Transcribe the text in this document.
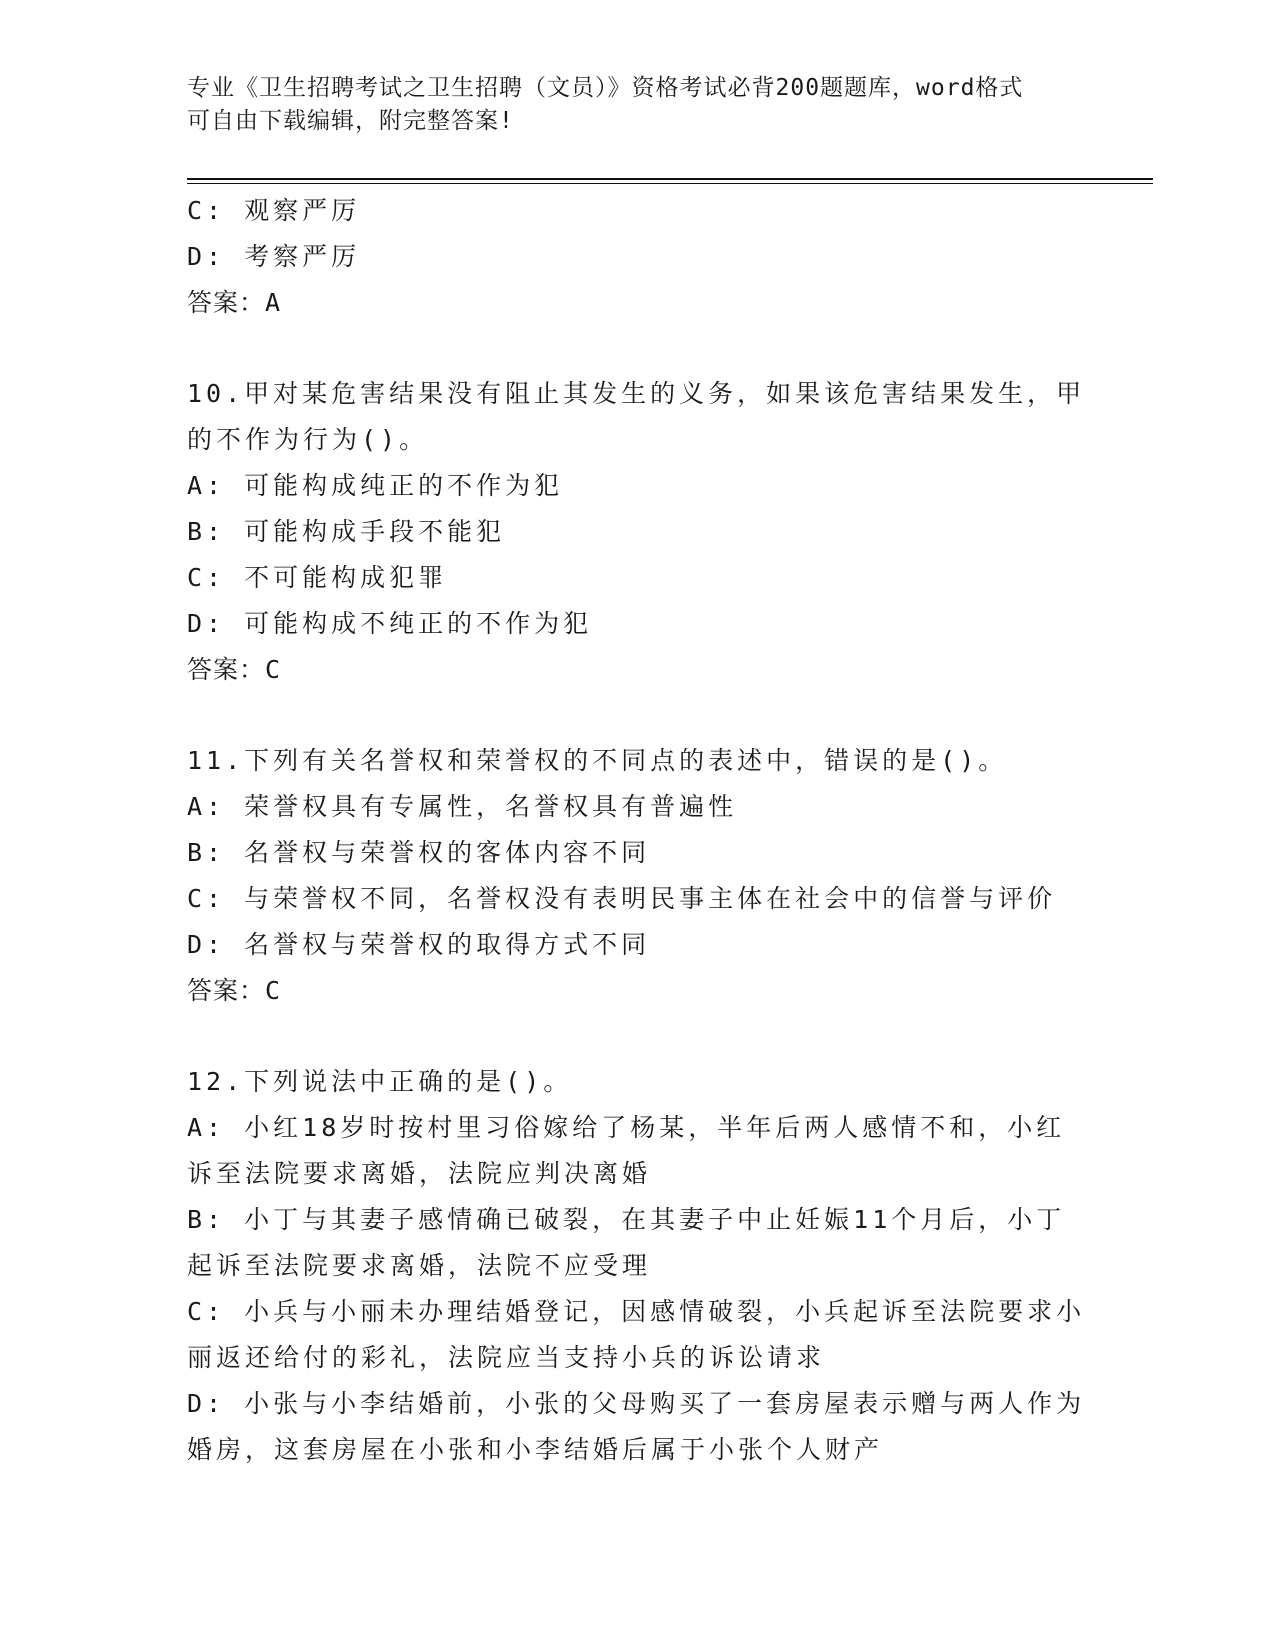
专业《卫生招聘考试之卫生招聘（文员）》资格考试必背200题题库，word格式
可自由下载编辑，附完整答案!
C: 观察严厉
D: 考察严厉
答案：A
10.甲对某危害结果没有阻止其发生的义务，如果该危害结果发生，甲
的不作为行为()。
A: 可能构成纯正的不作为犯
B: 可能构成手段不能犯
C: 不可能构成犯罪
D: 可能构成不纯正的不作为犯
答案：C
11.下列有关名誉权和荣誉权的不同点的表述中，错误的是()。
A: 荣誉权具有专属性，名誉权具有普遍性
B: 名誉权与荣誉权的客体内容不同
C: 与荣誉权不同，名誉权没有表明民事主体在社会中的信誉与评价
D: 名誉权与荣誉权的取得方式不同
答案：C
12.下列说法中正确的是()。
A: 小红18岁时按村里习俗嫁给了杨某，半年后两人感情不和，小红
诉至法院要求离婚，法院应判决离婚
B: 小丁与其妻子感情确已破裂，在其妻子中止妊娠11个月后，小丁
起诉至法院要求离婚，法院不应受理
C: 小兵与小丽未办理结婚登记，因感情破裂，小兵起诉至法院要求小
丽返还给付的彩礼，法院应当支持小兵的诉讼请求
D: 小张与小李结婚前，小张的父母购买了一套房屋表示赠与两人作为
婚房，这套房屋在小张和小李结婚后属于小张个人财产
